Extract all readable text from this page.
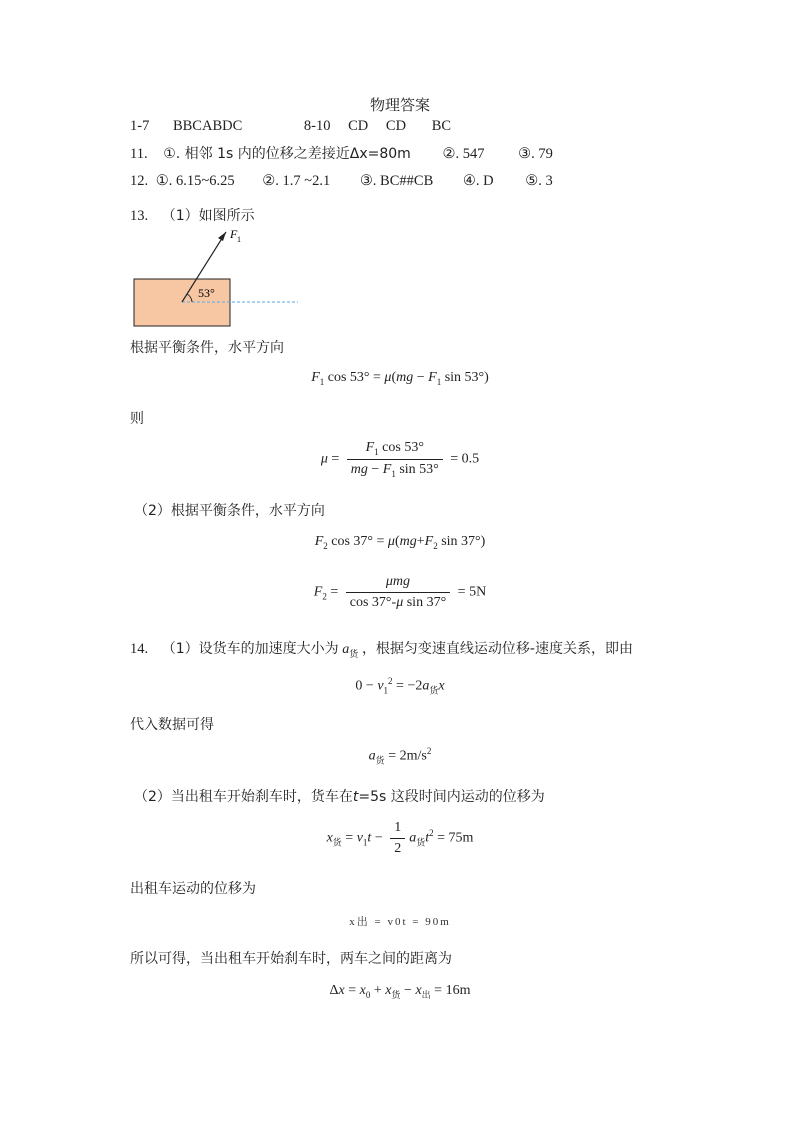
物理答案
1-7 BBCABDC	8-10 CD CD BC
11. ①. 相邻 1s 内的位移之差接近Δx=80m ②. 547 ③. 79
12. ①. 6.15~6.25 ②. 1.7 ~2.1 ③. BC##CB ④. D ⑤. 3
13. （1）如图所示
53°
F 1
根据平衡条件，水平方向
$F_1$ $\cos 53^\circ = \mu(mg - F_1$ sin 53°)
则
$\mu = \frac{F_1 \cos 53^\circ}{mg - F_1 \sin 53^\circ} = 0.5$
（2）根据平衡条件，水平方向
$F_2$ $\cos 37^\circ = \mu(mg+F_2$ sin 37°)
$F_2 = \frac{\text{μmg}}{\text{cos 37°-μ sin 37°}} = 5N$
14. （1）设货车的加速度大小为 $a_货$ ，根据匀变速直线运动位移-速度关系，即由
$0 - v_1^2 = -2a_货x$
代入数据可得
$a_货 = 2m/s^2$
（2）当出租车开始刹车时，货车在t=5s 这段时间内运动的位移为
$x_货 = v_1t - \frac{1}{2} a_货t^2 = 75m$
出租车运动的位移为
x出 = v0t = 90m
所以可得，当出租车开始刹车时，两车之间的距离为
$\Delta x = x_0 + x_货 - x_出 = 16m$
